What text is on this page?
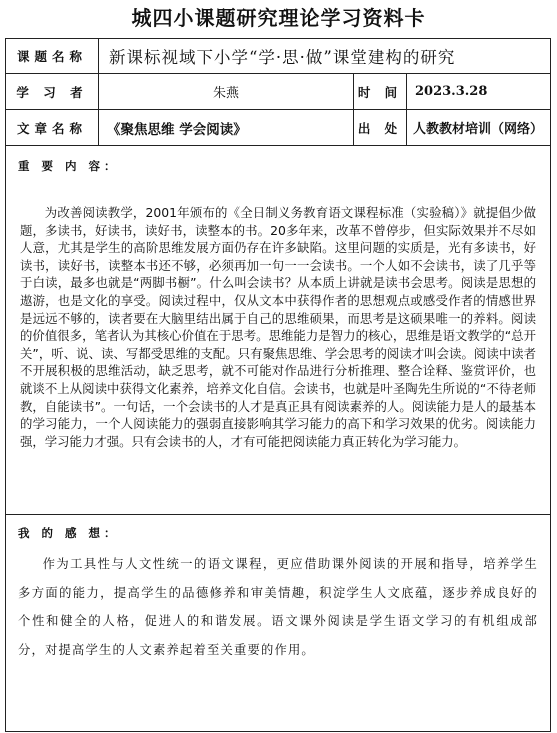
城四小课题研究理论学习资料卡
课题名称	新课标视域下小学“学·思·做”课堂建构的研究
学 习 者	朱燕	时 间 2023.3.28
文章名称	《聚焦思维 学会阅读》	出 处 人教教材培训（网络）
重 要 内 容：

为改善阅读教学，2001年颁布的《全日制义务教育语文课程标准（实验稿）》就提倡少做题，多读书，好读书，读好书，读整本的书。20多年来，改革不曾停步，但实际效果并不尽如人意，尤其是学生的高阶思维发展方面仍存在许多缺陷。这里问题的实质是，光有多读书，好读书，读好书，读整本书还不够，必须再加一句一一会读书。一个人如不会读书，读了几乎等于白读，最多也就是“两脚书橱”。什么叫会读书？从本质上讲就是读书会思考。阅读是思想的遨游，也是文化的享受。阅读过程中，仅从文本中获得作者的思想观点或感受作者的情感世界是远远不够的，读者要在大脑里结出属于自己的思维硕果，而思考是这硕果唯一的养料。阅读的价值很多，笔者认为其核心价值在于思考。思维能力是智力的核心，思维是语文教学的“总开关”，听、说、读、写都受思维的支配。只有聚焦思维、学会思考的阅读才叫会读。阅读中读者不开展积极的思维活动，缺乏思考，就不可能对作品进行分析推理、整合诠释、鉴赏评价，也就谈不上从阅读中获得文化素养，培养文化自信。会读书，也就是叶圣陶先生所说的“不待老师教，自能读书”。一句话，一个会读书的人才是真正具有阅读素养的人。阅读能力是人的最基本的学习能力，一个人阅读能力的强弱直接影响其学习能力的高下和学习效果的优劣。阅读能力强，学习能力才强。只有会读书的人，才有可能把阅读能力真正转化为学习能力。

我 的 感 想：

作为工具性与人文性统一的语文课程，更应借助课外阅读的开展和指导，培养学生多方面的能力，提高学生的品德修养和审美情趣，积淀学生人文底蕴，逐步养成良好的个性和健全的人格，促进人的和谐发展。语文课外阅读是学生语文学习的有机组成部分，对提高学生的人文素养起着至关重要的作用。
